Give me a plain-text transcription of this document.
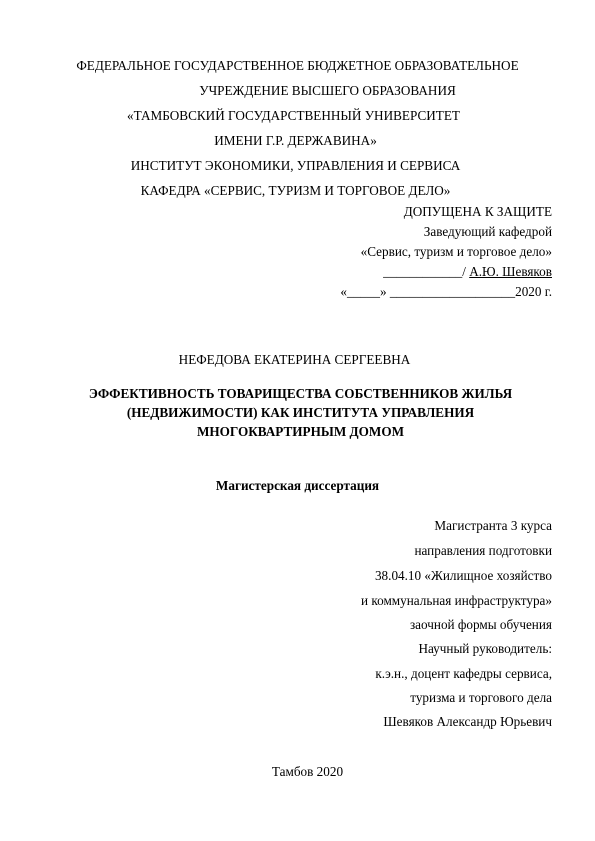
ФЕДЕРАЛЬНОЕ ГОСУДАРСТВЕННОЕ БЮДЖЕТНОЕ ОБРАЗОВАТЕЛЬНОЕ
УЧРЕЖДЕНИЕ ВЫСШЕГО ОБРАЗОВАНИЯ
«ТАМБОВСКИЙ ГОСУДАРСТВЕННЫЙ УНИВЕРСИТЕТ
ИМЕНИ Г.Р. ДЕРЖАВИНА»
ИНСТИТУТ ЭКОНОМИКИ, УПРАВЛЕНИЯ И СЕРВИСА
КАФЕДРА «СЕРВИС, ТУРИЗМ И ТОРГОВОЕ ДЕЛО»
ДОПУЩЕНА К ЗАЩИТЕ
Заведующий кафедрой
«Сервис, туризм и торговое дело»
____________/ А.Ю. Шевяков
«_____» ___________________2020 г.
НЕФЕДОВА ЕКАТЕРИНА СЕРГЕЕВНА
ЭФФЕКТИВНОСТЬ ТОВАРИЩЕСТВА СОБСТВЕННИКОВ ЖИЛЬЯ
(НЕДВИЖИМОСТИ) КАК ИНСТИТУТА УПРАВЛЕНИЯ
МНОГОКВАРТИРНЫМ ДОМОМ
Магистерская диссертация
Магистранта 3 курса
направления подготовки
38.04.10 «Жилищное хозяйство
и коммунальная инфраструктура»
заочной формы обучения
Научный руководитель:
к.э.н., доцент кафедры сервиса,
туризма и торгового дела
Шевяков Александр Юрьевич
Тамбов 2020
